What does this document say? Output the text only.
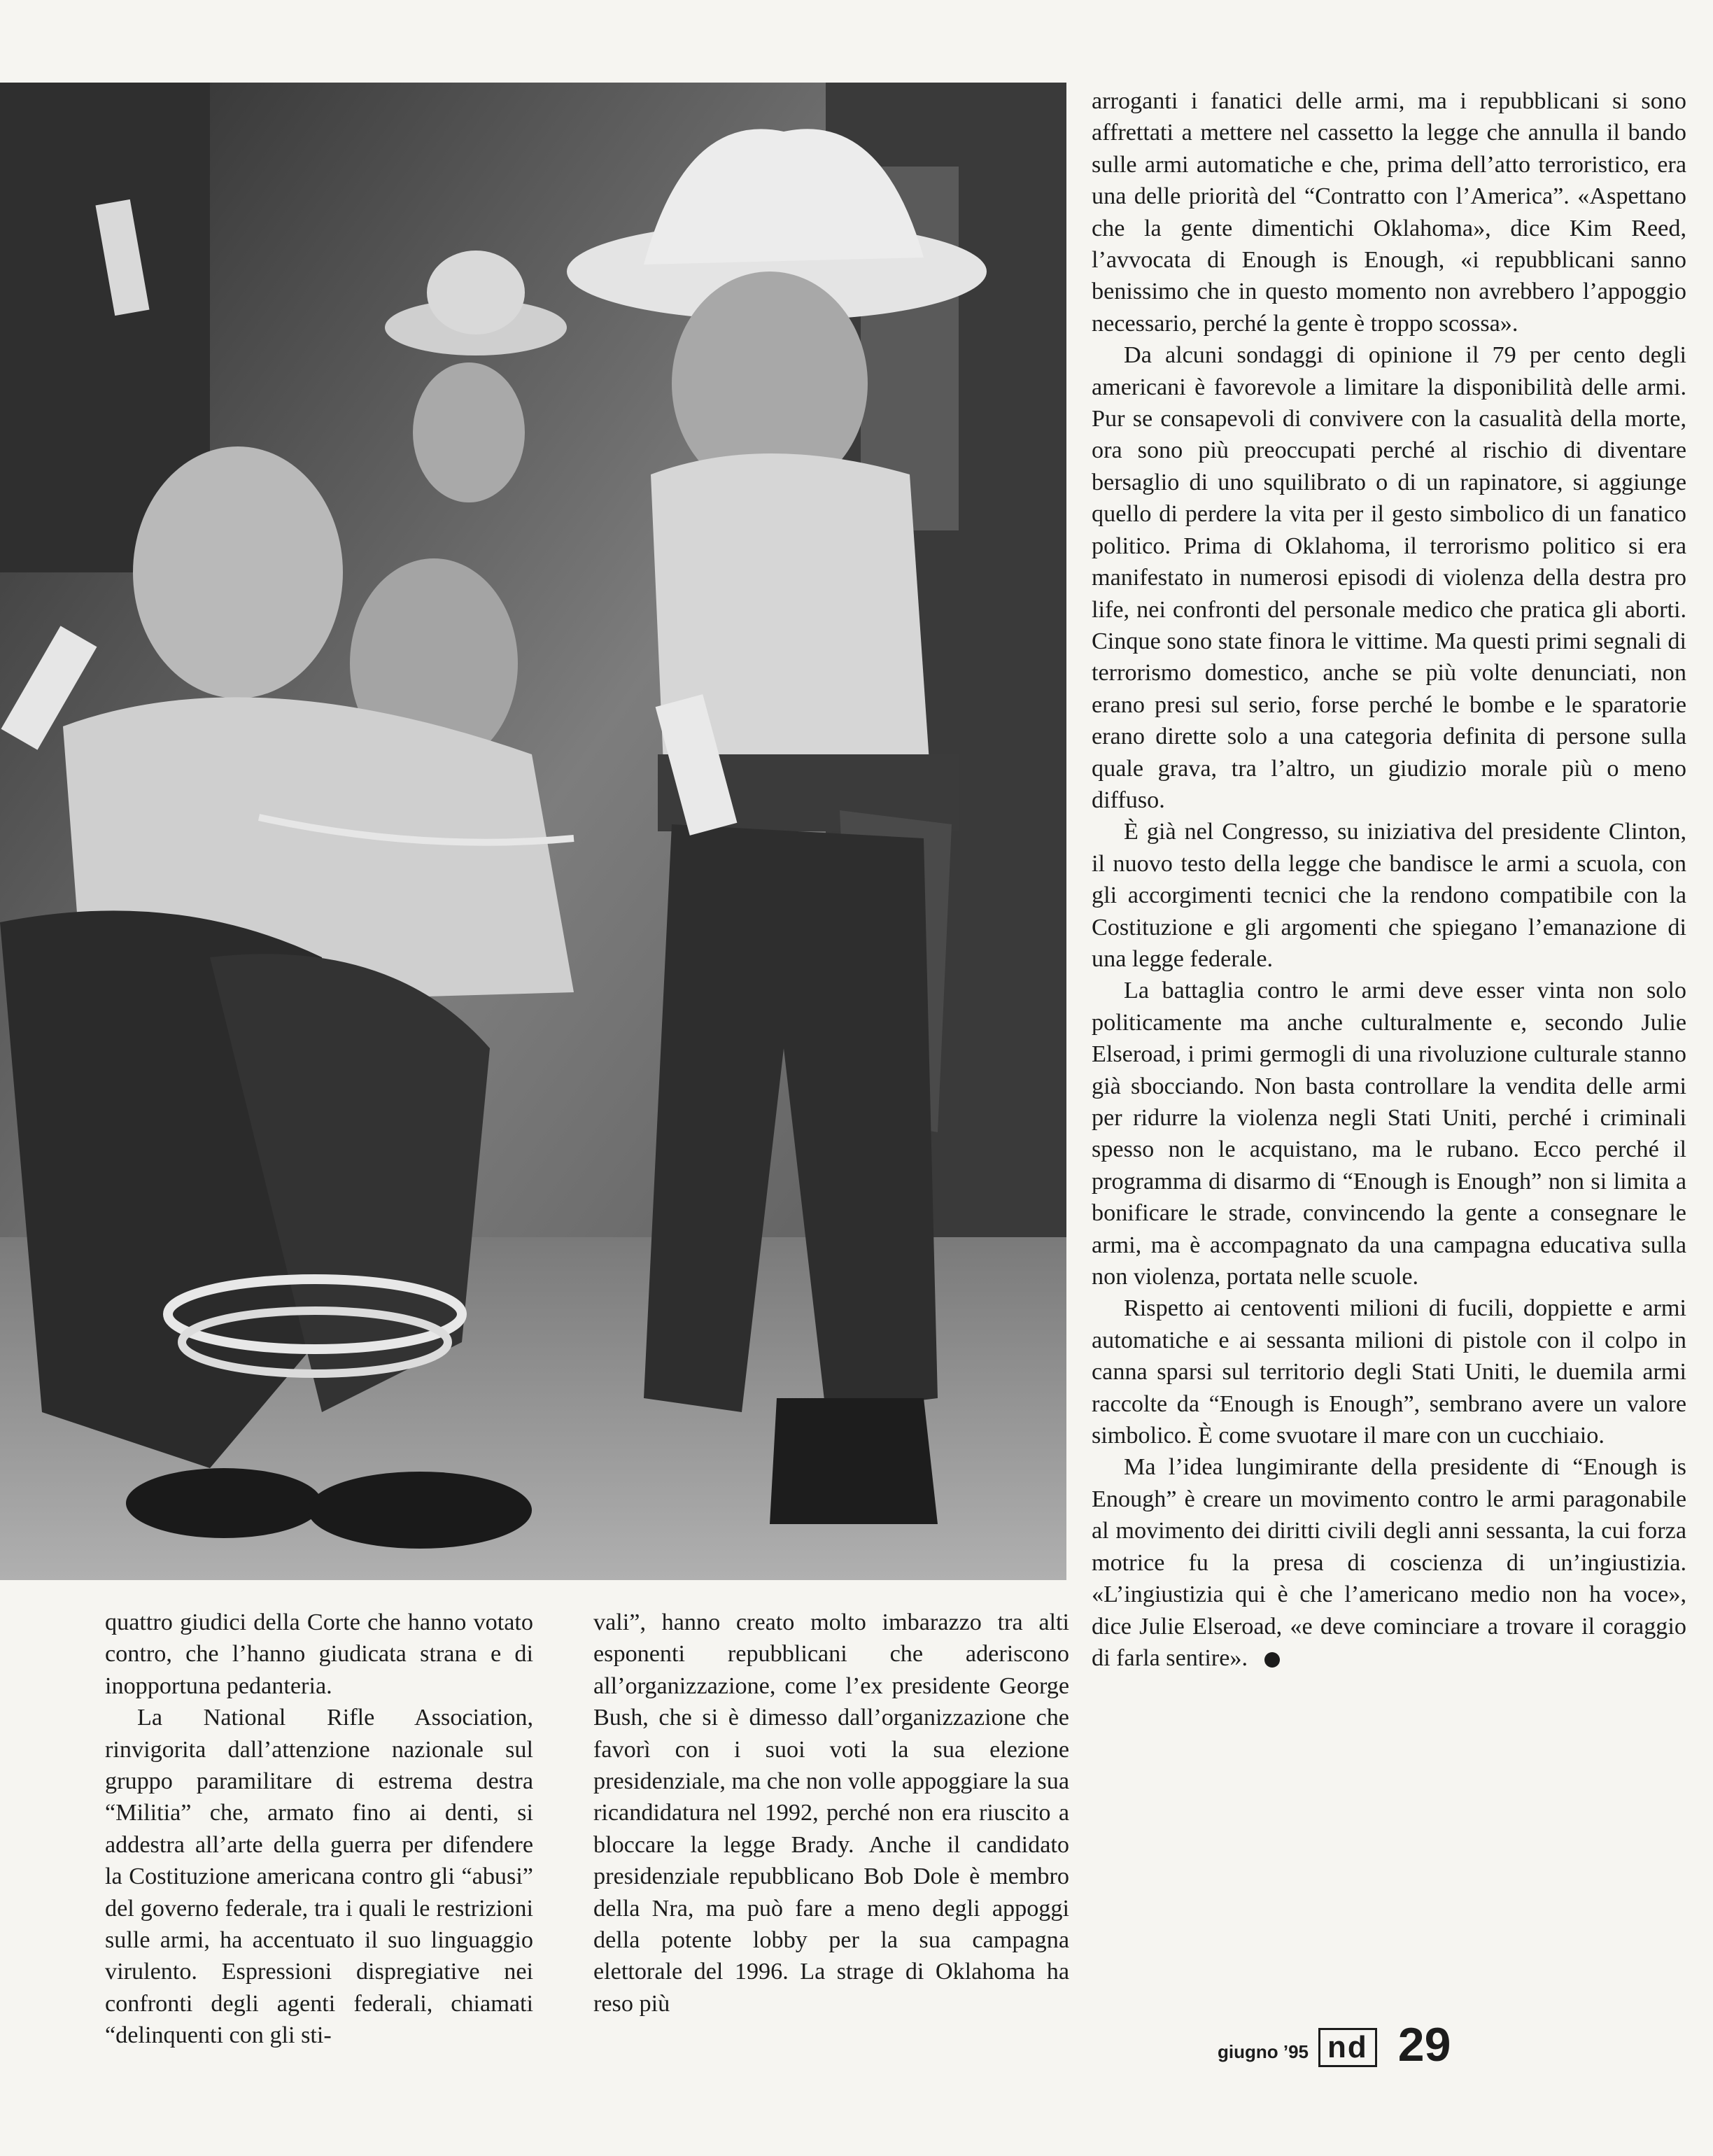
arroganti i fanatici delle armi, ma i repubblicani si sono affrettati a mettere nel cassetto la legge che annulla il bando sulle armi automatiche e che, prima dell’atto terroristico, era una delle priorità del “Contratto con l’America”. «Aspettano che la gente dimentichi Oklahoma», dice Kim Reed, l’avvocata di Enough is Enough, «i repubblicani sanno benissimo che in questo momento non avrebbero l’appoggio necessario, perché la gente è troppo scossa».

Da alcuni sondaggi di opinione il 79 per cento degli americani è favorevole a limitare la disponibilità delle armi. Pur se consapevoli di convivere con la casualità della morte, ora sono più preoccupati perché al rischio di diventare bersaglio di uno squilibrato o di un rapinatore, si aggiunge quello di perdere la vita per il gesto simbolico di un fanatico politico. Prima di Oklahoma, il terrorismo politico si era manifestato in numerosi episodi di violenza della destra pro life, nei confronti del personale medico che pratica gli aborti. Cinque sono state finora le vittime. Ma questi primi segnali di terrorismo domestico, anche se più volte denunciati, non erano presi sul serio, forse perché le bombe e le sparatorie erano dirette solo a una categoria definita di persone sulla quale grava, tra l’altro, un giudizio morale più o meno diffuso.

È già nel Congresso, su iniziativa del presidente Clinton, il nuovo testo della legge che bandisce le armi a scuola, con gli accorgimenti tecnici che la rendono compatibile con la Costituzione e gli argomenti che spiegano l’emanazione di una legge federale.

La battaglia contro le armi deve esser vinta non solo politicamente ma anche culturalmente e, secondo Julie Elseroad, i primi germogli di una rivoluzione culturale stanno già sbocciando. Non basta controllare la vendita delle armi per ridurre la violenza negli Stati Uniti, perché i criminali spesso non le acquistano, ma le rubano. Ecco perché il programma di disarmo di “Enough is Enough” non si limita a bonificare le strade, convincendo la gente a consegnare le armi, ma è accompagnato da una campagna educativa sulla non violenza, portata nelle scuole.

Rispetto ai centoventi milioni di fucili, doppiette e armi automatiche e ai sessanta milioni di pistole con il colpo in canna sparsi sul territorio degli Stati Uniti, le duemila armi raccolte da “Enough is Enough”, sembrano avere un valore simbolico. È come svuotare il mare con un cucchiaio.

Ma l’idea lungimirante della presidente di “Enough is Enough” è creare un movimento contro le armi paragonabile al movimento dei diritti civili degli anni sessanta, la cui forza motrice fu la presa di coscienza di un’ingiustizia. «L’ingiustizia qui è che l’americano medio non ha voce», dice Julie Elseroad, «e deve cominciare a trovare il coraggio di farla sentire».

quattro giudici della Corte che hanno votato contro, che l’hanno giudicata strana e di inopportuna pedanteria.

La National Rifle Association, rinvigorita dall’attenzione nazionale sul gruppo paramilitare di estrema destra “Militia” che, armato fino ai denti, si addestra all’arte della guerra per difendere la Costituzione americana contro gli “abusi” del governo federale, tra i quali le restrizioni sulle armi, ha accentuato il suo linguaggio virulento. Espressioni dispregiative nei confronti degli agenti federali, chiamati “delinquenti con gli sti-

vali”, hanno creato molto imbarazzo tra alti esponenti repubblicani che aderiscono all’organizzazione, come l’ex presidente George Bush, che si è dimesso dall’organizzazione che favorì con i suoi voti la sua elezione presidenziale, ma che non volle appoggiare la sua ricandidatura nel 1992, perché non era riuscito a bloccare la legge Brady. Anche il candidato presidenziale repubblicano Bob Dole è membro della Nra, ma può fare a meno degli appoggi della potente lobby per la sua campagna elettorale del 1996. La strage di Oklahoma ha reso più

giugno ’95 nd 29
